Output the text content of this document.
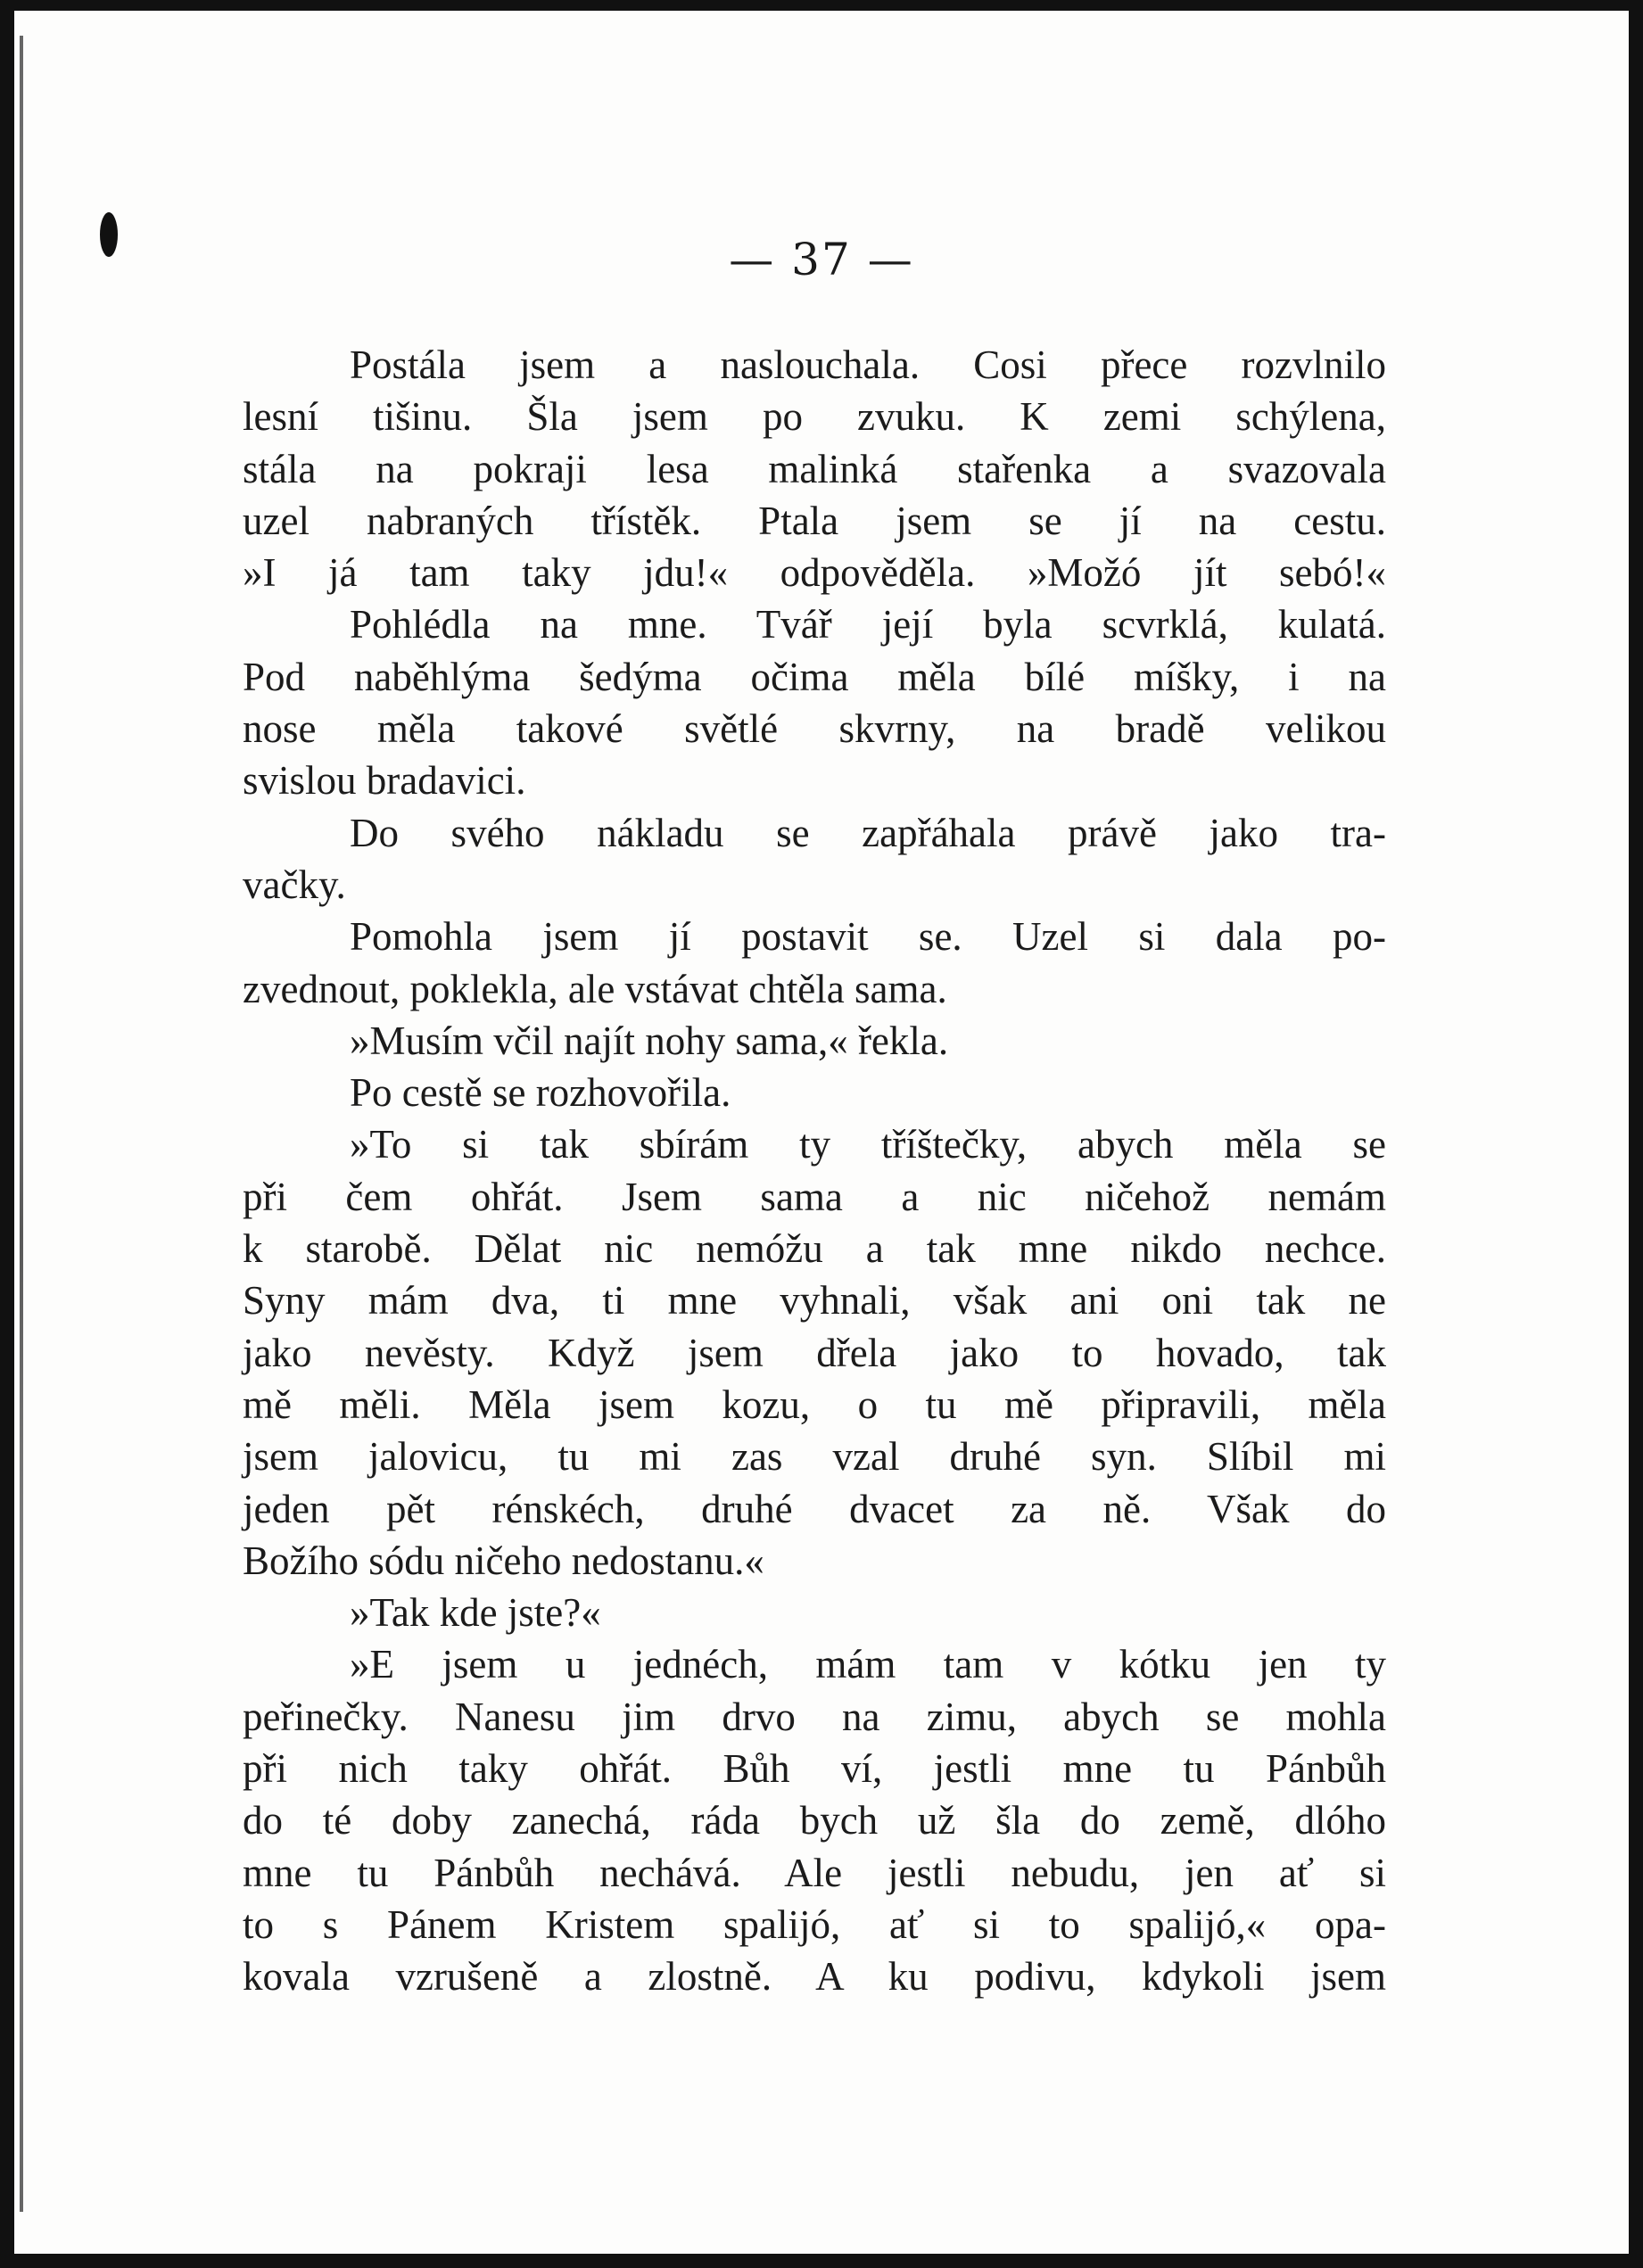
— 37 —
Postála jsem a naslouchala. Cosi přece rozvlnilo
lesní tišinu. Šla jsem po zvuku. K zemi schýlena,
stála na pokraji lesa malinká stařenka a svazovala
uzel nabraných třístěk. Ptala jsem se jí na cestu.
»I já tam taky jdu!« odpověděla. »Možó jít sebó!«
Pohlédla na mne. Tvář její byla scvrklá, kulatá.
Pod naběhlýma šedýma očima měla bílé míšky, i na
nose měla takové světlé skvrny, na bradě velikou
svislou bradavici.
Do svého nákladu se zapřáhala právě jako tra-
vačky.
Pomohla jsem jí postavit se. Uzel si dala po-
zvednout, poklekla, ale vstávat chtěla sama.
»Musím včil najít nohy sama,« řekla.
Po cestě se rozhovořila.
»To si tak sbírám ty tříštečky, abych měla se
při čem ohřát. Jsem sama a nic ničehož nemám
k starobě. Dělat nic nemóžu a tak mne nikdo nechce.
Syny mám dva, ti mne vyhnali, však ani oni tak ne
jako nevěsty. Když jsem dřela jako to hovado, tak
mě měli. Měla jsem kozu, o tu mě připravili, měla
jsem jalovicu, tu mi zas vzal druhé syn. Slíbil mi
jeden pět rénskéch, druhé dvacet za ně. Však do
Božího sódu ničeho nedostanu.«
»Tak kde jste?«
»E jsem u jednéch, mám tam v kótku jen ty
peřinečky. Nanesu jim drvo na zimu, abych se mohla
při nich taky ohřát. Bůh ví, jestli mne tu Pánbůh
do té doby zanechá, ráda bych už šla do země, dlóho
mne tu Pánbůh nechává. Ale jestli nebudu, jen ať si
to s Pánem Kristem spalijó, ať si to spalijó,« opa-
kovala vzrušeně a zlostně. A ku podivu, kdykoli jsem
